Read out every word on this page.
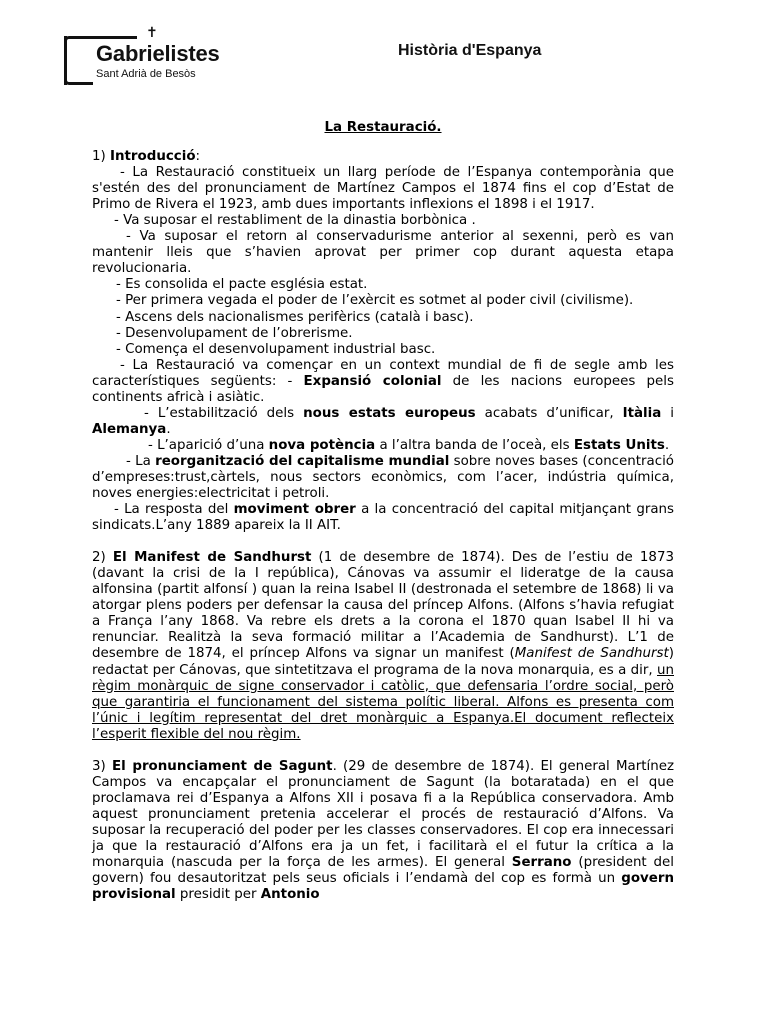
✝
Gabrielistes
Sant Adrià de Besòs
Història d'Espanya
La Restauració.

1) Introducció:

- La Restauració constitueix un llarg període de l’Espanya contemporània que s'estén des del pronunciament de Martínez Campos el 1874 fins el cop d’Estat de Primo de Rivera el 1923, amb dues importants inflexions el 1898 i el 1917.

- Va suposar el restabliment de la dinastia borbònica .

- Va suposar el retorn al conservadurisme anterior al sexenni, però es van mantenir lleis que s’havien aprovat per primer cop durant aquesta etapa revolucionaria.

- Es consolida el pacte església estat.

- Per primera vegada el poder de l’exèrcit es sotmet al poder civil (civilisme).

- Ascens dels nacionalismes perifèrics (català i basc).

- Desenvolupament de l’obrerisme.

- Comença el desenvolupament industrial basc.

- La Restauració va començar en un context mundial de fi de segle amb les característiques següents: - Expansió colonial de les nacions europees pels continents africà i asiàtic.

- L’estabilització dels nous estats europeus acabats d’unificar, Itàlia i Alemanya.

- L’aparició d’una nova potència a l’altra banda de l’oceà, els Estats Units.

- La reorganització del capitalisme mundial sobre noves bases (concentració d’empreses:trust,càrtels, nous sectors econòmics, com l’acer, indústria química, noves energies:electricitat i petroli.

- La resposta del moviment obrer a la concentració del capital mitjançant grans sindicats.L’any 1889 apareix la II AIT.

2) El Manifest de Sandhurst (1 de desembre de 1874). Des de l’estiu de 1873 (davant la crisi de la I república), Cánovas va assumir el lideratge de la causa alfonsina (partit alfonsí ) quan la reina Isabel II (destronada el setembre de 1868) li va atorgar plens poders per defensar la causa del príncep Alfons. (Alfons s’havia refugiat a França l’any 1868. Va rebre els drets a la corona el 1870 quan Isabel II hi va renunciar. Realitzà la seva formació militar a l’Academia de Sandhurst). L’1 de desembre de 1874, el príncep Alfons va signar un manifest (Manifest de Sandhurst) redactat per Cánovas, que sintetitzava el programa de la nova monarquia, es a dir, un règim monàrquic de signe conservador i catòlic, que defensaria l’ordre social, però que garantiria el funcionament del sistema polític liberal. Alfons es presenta com l’únic i legítim representat del dret monàrquic a Espanya.El document reflecteix l’esperit flexible del nou règim.

3) El pronunciament de Sagunt. (29 de desembre de 1874). El general Martínez Campos va encapçalar el pronunciament de Sagunt (la botaratada) en el que proclamava rei d’Espanya a Alfons XII i posava fi a la República conservadora. Amb aquest pronunciament pretenia accelerar el procés de restauració d’Alfons. Va suposar la recuperació del poder per les classes conservadores. El cop era innecessari ja que la restauració d’Alfons era ja un fet, i facilitarà el el futur la crítica a la monarquia (nascuda per la força de les armes). El general Serrano (president del govern) fou desautoritzat pels seus oficials i l’endamà del cop es formà un govern provisional presidit per Antonio
